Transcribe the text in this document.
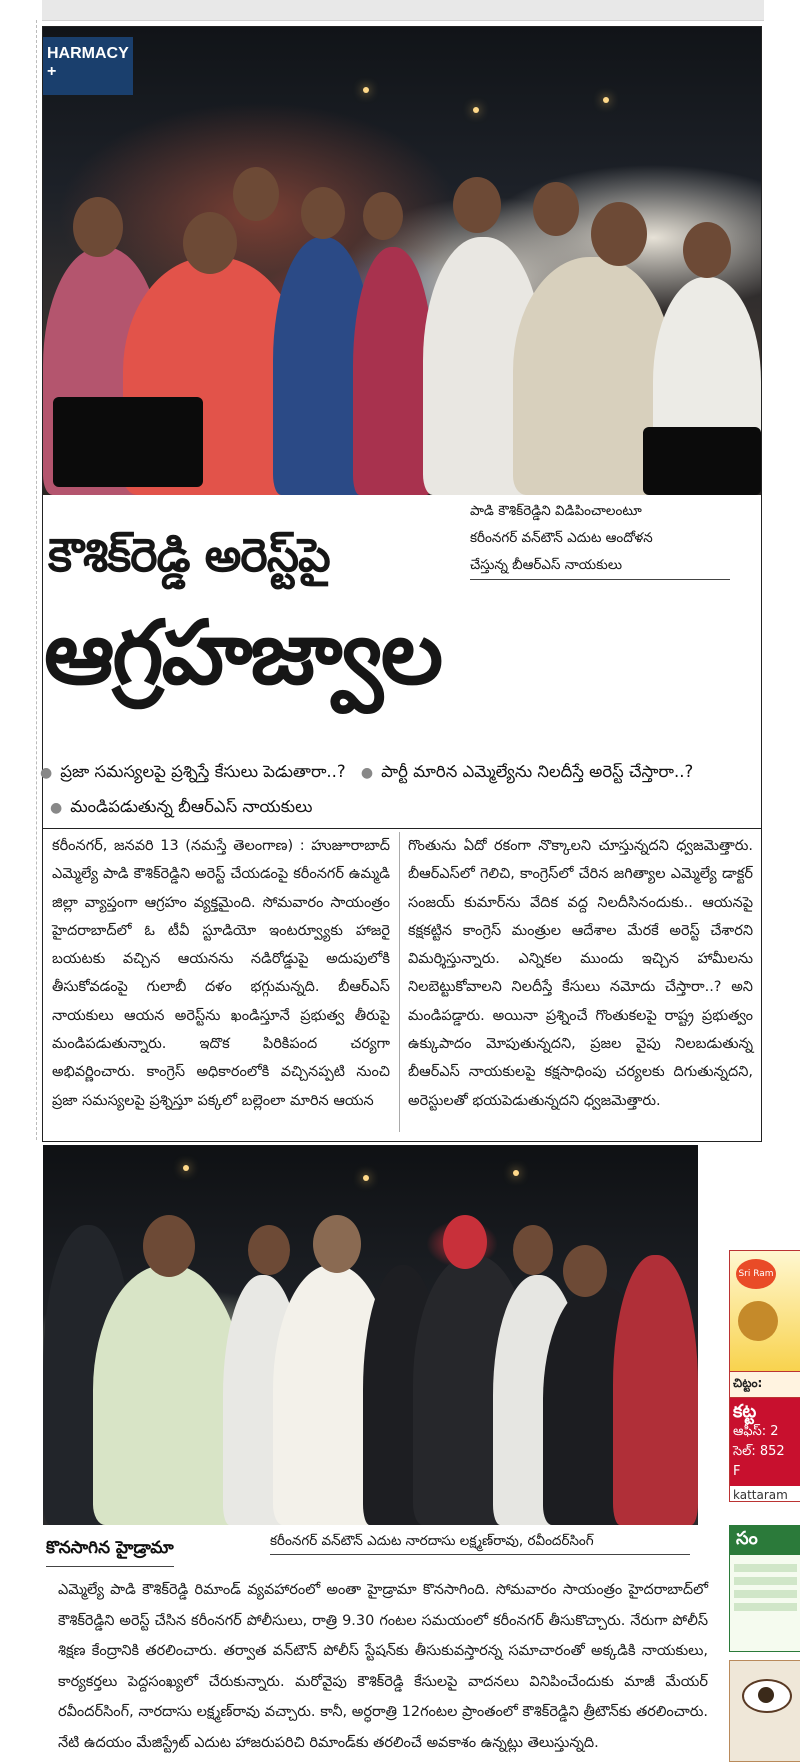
HARMACY +
పాడి కౌశిక్‌రెడ్డిని విడిపించాలంటూ
కరీంనగర్ వన్‌టౌన్ ఎదుట ఆందోళన
చేస్తున్న బీఆర్‌ఎస్ నాయకులు
కౌశిక్‌రెడ్డి అరెస్ట్‌పై
ఆగ్రహజ్వాల
● ప్రజా సమస్యలపై ప్రశ్నిస్తే కేసులు పెడుతారా..? ● పార్టీ మారిన ఎమ్మెల్యేను నిలదీస్తే అరెస్ట్ చేస్తారా..? ● మండిపడుతున్న బీఆర్‌ఎస్ నాయకులు
కరీంనగర్, జనవరి 13 (నమస్తే తెలంగాణ) : హుజూరాబాద్ ఎమ్మెల్యే పాడి కౌశిక్‌రెడ్డిని అరెస్ట్ చేయడంపై కరీంనగర్ ఉమ్మడి జిల్లా వ్యాప్తంగా ఆగ్రహం వ్యక్తమైంది. సోమవారం సాయంత్రం హైదరాబాద్‌లో ఓ టీవీ స్టూడియో ఇంటర్వ్యూకు హాజరై బయటకు వచ్చిన ఆయనను నడిరోడ్డుపై అదుపులోకి తీసుకోవడంపై గులాబీ దళం భగ్గుమన్నది. బీఆర్‌ఎస్ నాయకులు ఆయన అరెస్ట్‌ను ఖండిస్తూనే ప్రభుత్వ తీరుపై మండిపడుతున్నారు. ఇదొక పిరికిపంద చర్యగా అభివర్ణించారు. కాంగ్రెస్ అధికారంలోకి వచ్చినప్పటి నుంచి ప్రజా సమస్యలపై ప్రశ్నిస్తూ పక్కలో బల్లెంలా మారిన ఆయన
గొంతును ఏదో రకంగా నొక్కాలని చూస్తున్నదని ధ్వజమెత్తారు. బీఆర్‌ఎస్‌లో గెలిచి, కాంగ్రెస్‌లో చేరిన జగిత్యాల ఎమ్మెల్యే డాక్టర్ సంజయ్ కుమార్‌ను వేదిక వద్ద నిలదీసినందుకు.. ఆయనపై కక్షకట్టిన కాంగ్రెస్ మంత్రుల ఆదేశాల మేరకే అరెస్ట్ చేశారని విమర్శిస్తున్నారు. ఎన్నికల ముందు ఇచ్చిన హామీలను నిలబెట్టుకోవాలని నిలదీస్తే కేసులు నమోదు చేస్తారా..? అని మండిపడ్డారు. అయినా ప్రశ్నించే గొంతుకలపై రాష్ట్ర ప్రభుత్వం ఉక్కుపాదం మోపుతున్నదని, ప్రజల వైపు నిలబడుతున్న బీఆర్‌ఎస్ నాయకులపై కక్షసాధింపు చర్యలకు దిగుతున్నదని, అరెస్టులతో భయపెడుతున్నదని ధ్వజమెత్తారు.
కొనసాగిన హైడ్రామా	కరీంనగర్ వన్‌టౌన్ ఎదుట నారదాసు లక్ష్మణ్‌రావు, రవీందర్‌సింగ్
ఎమ్మెల్యే పాడి కౌశిక్‌రెడ్డి రిమాండ్ వ్యవహారంలో అంతా హైడ్రామా కొనసాగింది. సోమవారం సాయంత్రం హైదరాబాద్‌లో కౌశిక్‌రెడ్డిని అరెస్ట్ చేసిన కరీంనగర్ పోలీసులు, రాత్రి 9.30 గంటల సమయంలో కరీంనగర్ తీసుకొచ్చారు. నేరుగా పోలీస్ శిక్షణ కేంద్రానికి తరలించారు. తర్వాత వన్‌టౌన్ పోలీస్ స్టేషన్‌కు తీసుకువస్తారన్న సమాచారంతో అక్కడికి నాయకులు, కార్యకర్తలు పెద్దసంఖ్యలో చేరుకున్నారు. మరోవైపు కౌశిక్‌రెడ్డి కేసులపై వాదనలు వినిపించేందుకు మాజీ మేయర్ రవీందర్‌సింగ్, నారదాసు లక్ష్మణ్‌రావు వచ్చారు. కానీ, అర్ధరాత్రి 12గంటల ప్రాంతంలో కౌశిక్‌రెడ్డిని త్రీటౌన్‌కు తరలించారు. నేటి ఉదయం మేజిస్ట్రేట్ ఎదుట హాజరుపరిచి రిమాండ్‌కు తరలించే అవకాశం ఉన్నట్లు తెలుస్తున్నది.
Sri Ram
చిట్టం:
కట్ట
ఆఫీస్: 2
సెల్: 852
F
kattaram
సం
